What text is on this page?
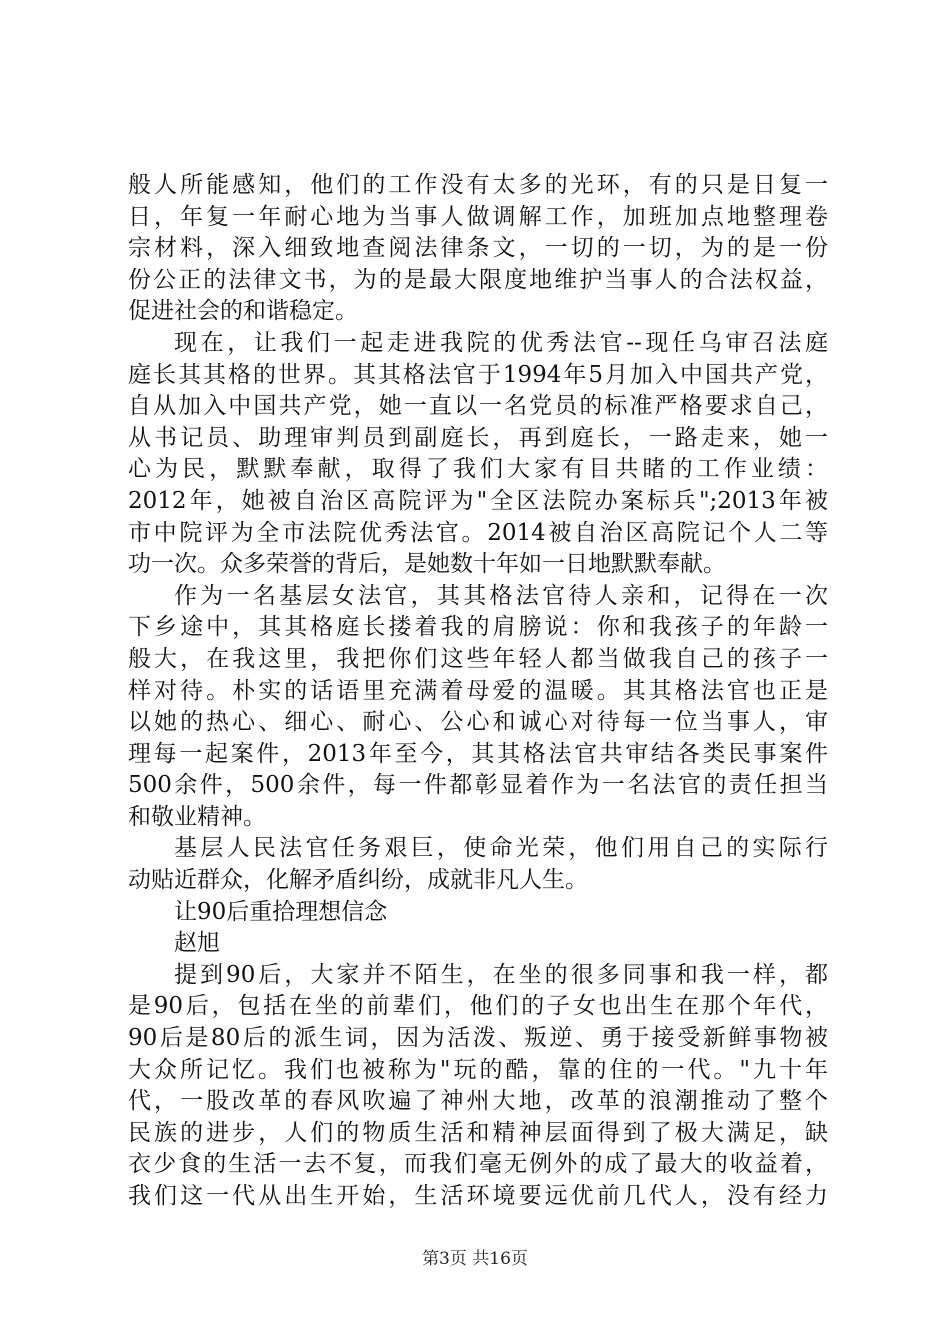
般人所能感知，他们的工作没有太多的光环，有的只是日复一
日，年复一年耐心地为当事人做调解工作，加班加点地整理卷
宗材料，深入细致地查阅法律条文，一切的一切，为的是一份
份公正的法律文书，为的是最大限度地维护当事人的合法权益，
促进社会的和谐稳定。
现在，让我们一起走进我院的优秀法官--现任乌审召法庭
庭长其其格的世界。其其格法官于1994年5月加入中国共产党，
自从加入中国共产党，她一直以一名党员的标准严格要求自己，
从书记员、助理审判员到副庭长，再到庭长，一路走来，她一
心为民，默默奉献，取得了我们大家有目共睹的工作业绩：
2012年，她被自治区高院评为"全区法院办案标兵";2013年被
市中院评为全市法院优秀法官。2014被自治区高院记个人二等
功一次。众多荣誉的背后，是她数十年如一日地默默奉献。
作为一名基层女法官，其其格法官待人亲和，记得在一次
下乡途中，其其格庭长搂着我的肩膀说：你和我孩子的年龄一
般大，在我这里，我把你们这些年轻人都当做我自己的孩子一
样对待。朴实的话语里充满着母爱的温暖。其其格法官也正是
以她的热心、细心、耐心、公心和诚心对待每一位当事人，审
理每一起案件，2013年至今，其其格法官共审结各类民事案件
500余件，500余件，每一件都彰显着作为一名法官的责任担当
和敬业精神。
基层人民法官任务艰巨，使命光荣，他们用自己的实际行
动贴近群众，化解矛盾纠纷，成就非凡人生。
让90后重拾理想信念
赵旭
提到90后，大家并不陌生，在坐的很多同事和我一样，都
是90后，包括在坐的前辈们，他们的子女也出生在那个年代，
90后是80后的派生词，因为活泼、叛逆、勇于接受新鲜事物被
大众所记忆。我们也被称为"玩的酷，靠的住的一代。"九十年
代，一股改革的春风吹遍了神州大地，改革的浪潮推动了整个
民族的进步，人们的物质生活和精神层面得到了极大满足，缺
衣少食的生活一去不复，而我们毫无例外的成了最大的收益着，
我们这一代从出生开始，生活环境要远优前几代人，没有经力
第3页 共16页
